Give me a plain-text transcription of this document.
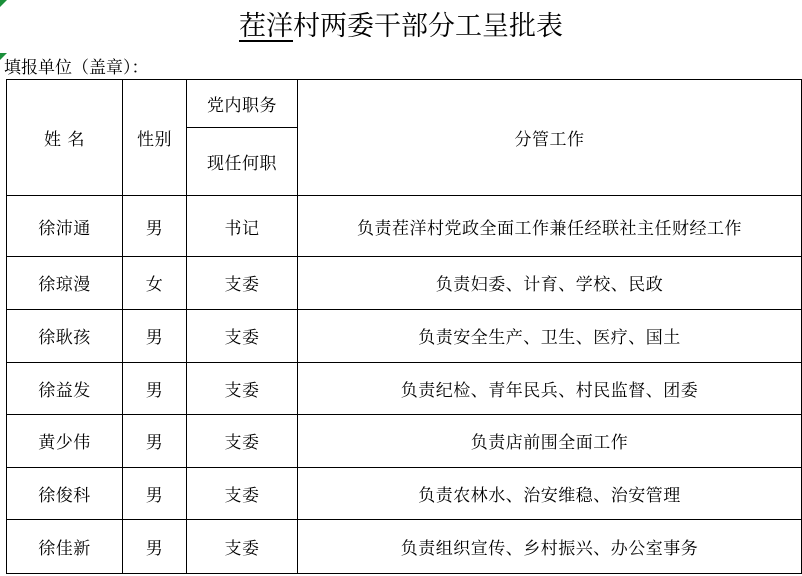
茬洋村两委干部分工呈批表
填报单位（盖章）：
姓 名	性别	党内职务	分管工作
		现任何职	
徐沛通	男	书记	负责茬洋村党政全面工作兼任经联社主任财经工作
徐琼漫	女	支委	负责妇委、计育、学校、民政
徐耿孩	男	支委	负责安全生产、卫生、医疗、国土
徐益发	男	支委	负责纪检、青年民兵、村民监督、团委
黄少伟	男	支委	负责店前围全面工作
徐俊科	男	支委	负责农林水、治安维稳、治安管理
徐佳新	男	支委	负责组织宣传、乡村振兴、办公室事务
